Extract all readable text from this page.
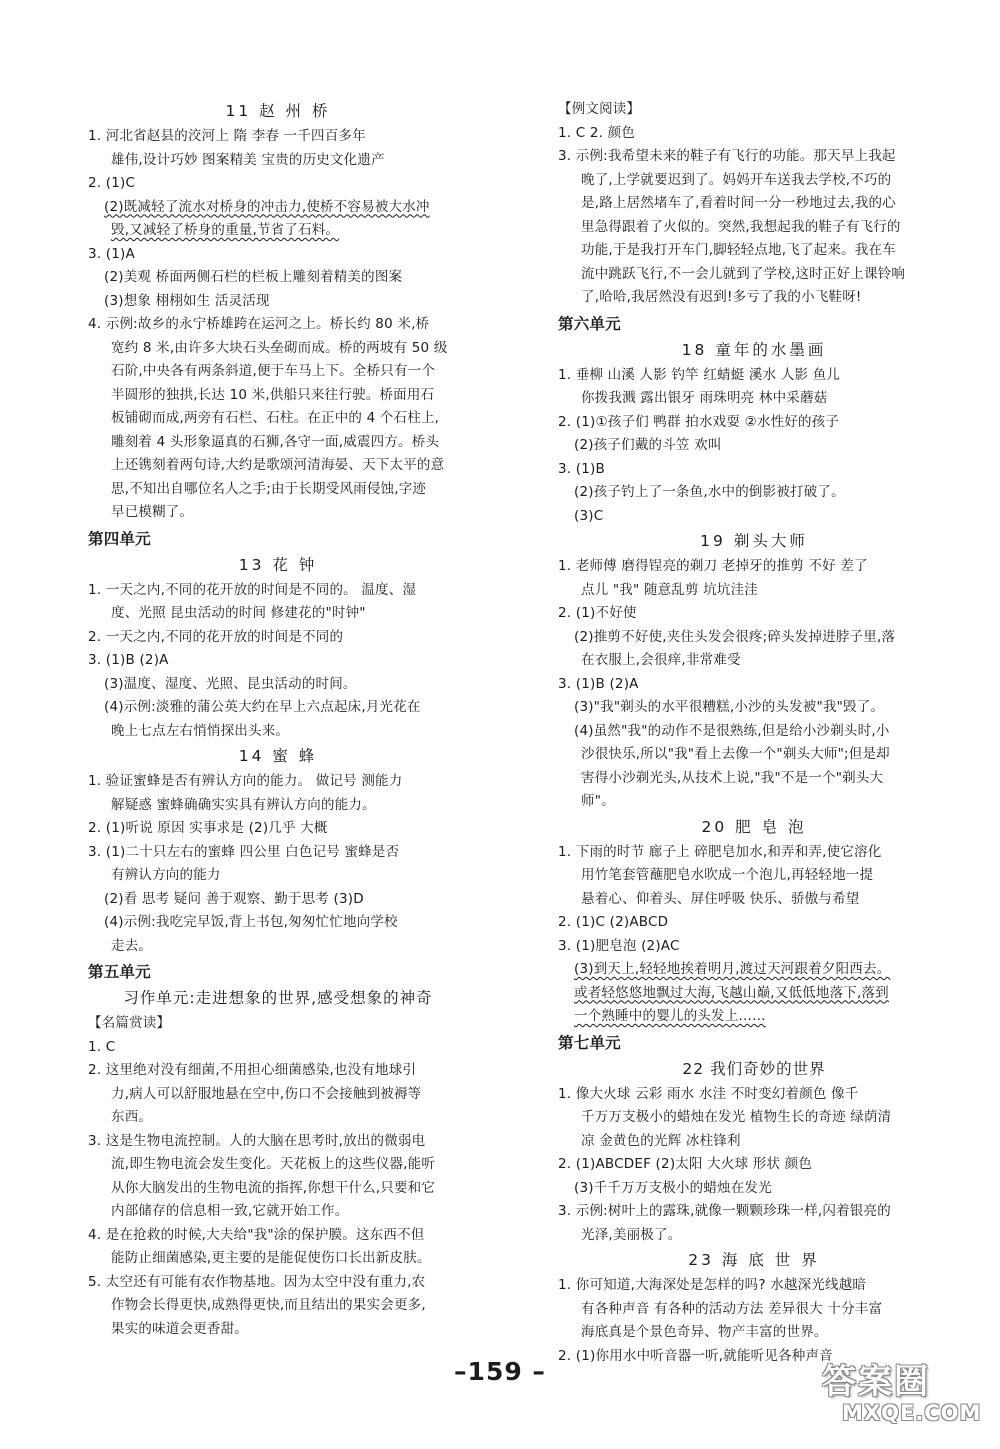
11 赵 州 桥

1. 河北省赵县的洨河上 隋 李春 一千四百多年

雄伟,设计巧妙 图案精美 宝贵的历史文化遗产

2. (1)C

(2)既减轻了流水对桥身的冲击力,使桥不容易被大水冲

毁,又减轻了桥身的重量,节省了石料。

3. (1)A

(2)美观 桥面两侧石栏的栏板上雕刻着精美的图案

(3)想象 栩栩如生 活灵活现

4. 示例:故乡的永宁桥雄跨在运河之上。桥长约 80 米,桥

宽约 8 米,由许多大块石头垒砌而成。桥的两坡有 50 级

石阶,中央各有两条斜道,便于车马上下。全桥只有一个

半圆形的独拱,长达 10 米,供船只来往行驶。桥面用石

板铺砌而成,两旁有石栏、石柱。在正中的 4 个石柱上,

雕刻着 4 头形象逼真的石狮,各守一面,威震四方。桥头

上还镌刻着两句诗,大约是歌颂河清海晏、天下太平的意

思,不知出自哪位名人之手;由于长期受风雨侵蚀,字迹

早已模糊了。

第四单元

13 花 钟

1. 一天之内,不同的花开放的时间是不同的。 温度、湿

度、光照 昆虫活动的时间 修建花的"时钟"

2. 一天之内,不同的花开放的时间是不同的

3. (1)B (2)A

(3)温度、湿度、光照、昆虫活动的时间。

(4)示例:淡雅的蒲公英大约在早上六点起床,月光花在

晚上七点左右悄悄探出头来。

14 蜜 蜂

1. 验证蜜蜂是否有辨认方向的能力。 做记号 测能力

解疑惑 蜜蜂确确实实具有辨认方向的能力。

2. (1)听说 原因 实事求是 (2)几乎 大概

3. (1)二十只左右的蜜蜂 四公里 白色记号 蜜蜂是否

有辨认方向的能力

(2)看 思考 疑问 善于观察、勤于思考 (3)D

(4)示例:我吃完早饭,背上书包,匆匆忙忙地向学校

走去。

第五单元

习作单元:走进想象的世界,感受想象的神奇

【名篇赏读】

1. C

2. 这里绝对没有细菌,不用担心细菌感染,也没有地球引

力,病人可以舒服地悬在空中,伤口不会接触到被褥等

东西。

3. 这是生物电流控制。人的大脑在思考时,放出的微弱电

流,即生物电流会发生变化。天花板上的这些仪器,能听

从你大脑发出的生物电流的指挥,你想干什么,只要和它

内部储存的信息相一致,它就开始工作。

4. 是在抢救的时候,大夫给"我"涂的保护膜。这东西不但

能防止细菌感染,更主要的是能促使伤口长出新皮肤。

5. 太空还有可能有农作物基地。因为太空中没有重力,农

作物会长得更快,成熟得更快,而且结出的果实会更多,

果实的味道会更香甜。

【例文阅读】

1. C 2. 颜色

3. 示例:我希望未来的鞋子有飞行的功能。那天早上我起

晚了,上学就要迟到了。妈妈开车送我去学校,不巧的

是,路上居然堵车了,看着时间一分一秒地过去,我的心

里急得跟着了火似的。突然,我想起我的鞋子有飞行的

功能,于是我打开车门,脚轻轻点地,飞了起来。我在车

流中跳跃飞行,不一会儿就到了学校,这时正好上课铃响

了,哈哈,我居然没有迟到!多亏了我的小飞鞋呀!

第六单元

18 童年的水墨画

1. 垂柳 山溪 人影 钓竿 红蜻蜓 溪水 人影 鱼儿

你拨我溅 露出银牙 雨珠明亮 林中采蘑菇

2. (1)①孩子们 鸭群 拍水戏耍 ②水性好的孩子

(2)孩子们戴的斗笠 欢叫

3. (1)B

(2)孩子钓上了一条鱼,水中的倒影被打破了。

(3)C

19 剃头大师

1. 老师傅 磨得锃亮的剃刀 老掉牙的推剪 不好 差了

点儿 "我" 随意乱剪 坑坑洼洼

2. (1)不好使

(2)推剪不好使,夹住头发会很疼;碎头发掉进脖子里,落

在衣服上,会很痒,非常难受

3. (1)B (2)A

(3)"我"剃头的水平很糟糕,小沙的头发被"我"毁了。

(4)虽然"我"的动作不是很熟练,但是给小沙剃头时,小

沙很快乐,所以"我"看上去像一个"剃头大师";但是却

害得小沙剃光头,从技术上说,"我"不是一个"剃头大

师"。

20 肥 皂 泡

1. 下雨的时节 廊子上 碎肥皂加水,和弄和弄,使它溶化

用竹笔套管蘸肥皂水吹成一个泡儿,再轻轻地一提

悬着心、仰着头、屏住呼吸 快乐、骄傲与希望

2. (1)C (2)ABCD

3. (1)肥皂泡 (2)AC

(3)到天上,轻轻地挨着明月,渡过天河跟着夕阳西去。

或者轻悠悠地飘过大海,飞越山巅,又低低地落下,落到

一个熟睡中的婴儿的头发上……

第七单元

22 我们奇妙的世界

1. 像大火球 云彩 雨水 水洼 不时变幻着颜色 像千

千万万支极小的蜡烛在发光 植物生长的奇迹 绿荫清

凉 金黄色的光辉 冰柱锋利

2. (1)ABCDEF (2)太阳 大火球 形状 颜色

(3)千千万万支极小的蜡烛在发光

3. 示例:树叶上的露珠,就像一颗颗珍珠一样,闪着银亮的

光泽,美丽极了。

23 海 底 世 界

1. 你可知道,大海深处是怎样的吗? 水越深光线越暗

有各种声音 有各种的活动方法 差异很大 十分丰富

海底真是个景色奇异、物产丰富的世界。

2. (1)你用水中听音器一听,就能听见各种声音

–159 –	答案圈
MXQE.COM
